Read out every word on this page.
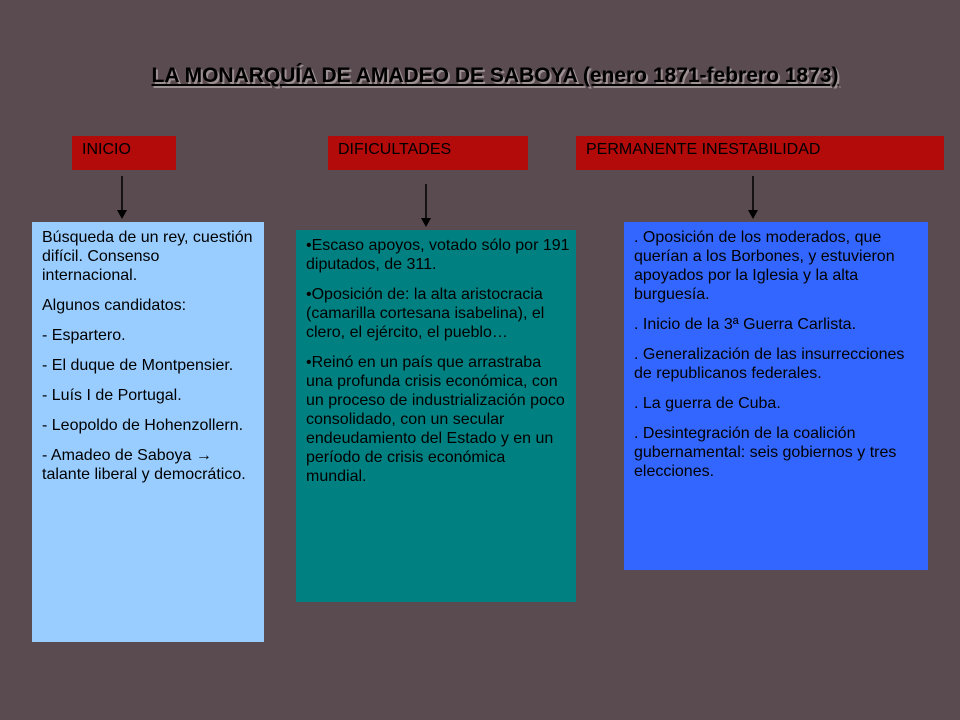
LA MONARQUÍA DE AMADEO DE SABOYA (enero 1871-febrero 1873)
INICIO	DIFICULTADES	PERMANENTE INESTABILIDAD

Búsqueda de un rey, cuestión difícil. Consenso internacional.

Algunos candidatos:

- Espartero.

- El duque de Montpensier.

- Luís I de Portugal.

- Leopoldo de Hohenzollern.

- Amadeo de Saboya → talante liberal y democrático.

•Escaso apoyos, votado sólo por 191 diputados, de 311.

•Oposición de: la alta aristocracia (camarilla cortesana isabelina), el clero, el ejército, el pueblo…

•Reinó en un país que arrastraba una profunda crisis económica, con un proceso de industrialización poco consolidado, con un secular endeudamiento del Estado y en un período de crisis económica mundial.

. Oposición de los moderados, que querían a los Borbones, y estuvieron apoyados por la Iglesia y la alta burguesía.

. Inicio de la 3ª Guerra Carlista.

. Generalización de las insurrecciones de republicanos federales.

. La guerra de Cuba.

. Desintegración de la coalición gubernamental: seis gobiernos y tres elecciones.
